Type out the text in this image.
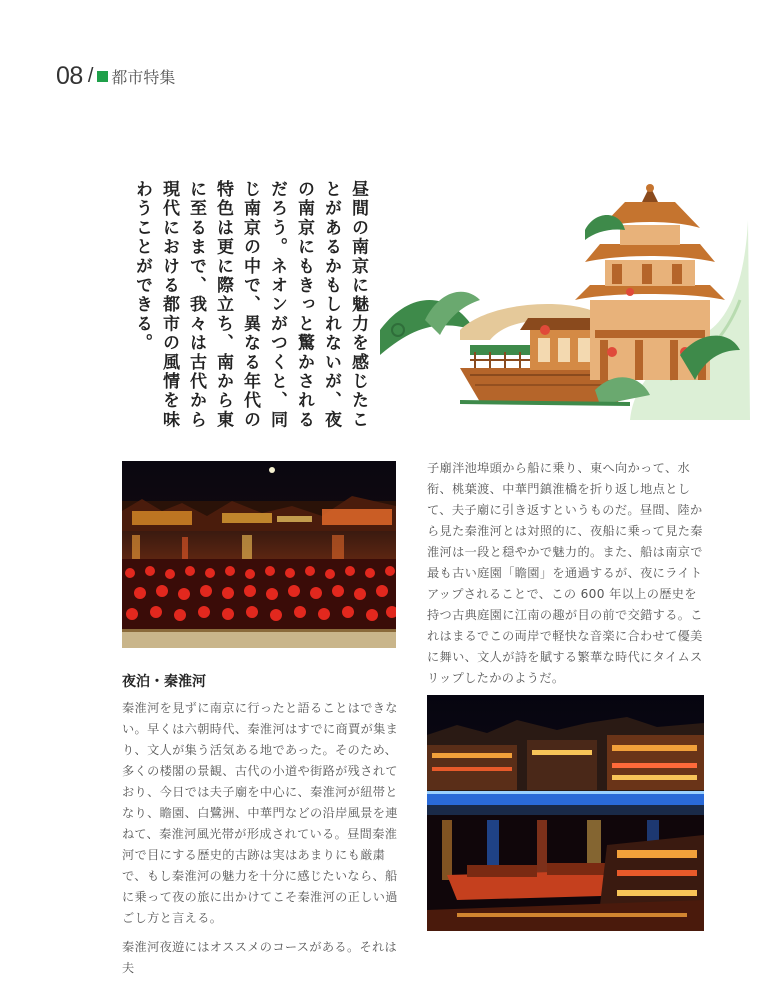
08 / 都市特集
昼間の南京に魅力を感じたことがあるかもしれないが、夜の南京にもきっと驚かされるだろう。ネオンがつくと、同じ南京の中で、異なる年代の特色は更に際立ち、南から東に至るまで、我々は古代から現代における都市の風情を味わうことができる。

子廟泮池埠頭から船に乗り、東へ向かって、水衔、桃葉渡、中華門鎮淮橋を折り返し地点として、夫子廟に引き返すというものだ。昼間、陸から見た秦淮河とは対照的に、夜船に乗って見た秦淮河は一段と穏やかで魅力的。また、船は南京で最も古い庭園「瞻園」を通過するが、夜にライトアップされることで、この 600 年以上の歴史を持つ古典庭園に江南の趣が目の前で交錯する。これはまるでこの両岸で軽快な音楽に合わせて優美に舞い、文人が詩を賦する繁華な時代にタイムスリップしたかのようだ。

夜泊・秦淮河

秦淮河を見ずに南京に行ったと語ることはできない。早くは六朝時代、秦淮河はすでに商賈が集まり、文人が集う活気ある地であった。そのため、多くの楼閣の景観、古代の小道や街路が残されており、今日では夫子廟を中心に、秦淮河が紐帯となり、瞻園、白鷺洲、中華門などの沿岸風景を連ねて、秦淮河風光帯が形成されている。昼間秦淮河で目にする歴史的古跡は実はあまりにも厳粛で、もし秦淮河の魅力を十分に感じたいなら、船に乗って夜の旅に出かけてこそ秦淮河の正しい過ごし方と言える。

秦淮河夜遊にはオススメのコースがある。それは夫
